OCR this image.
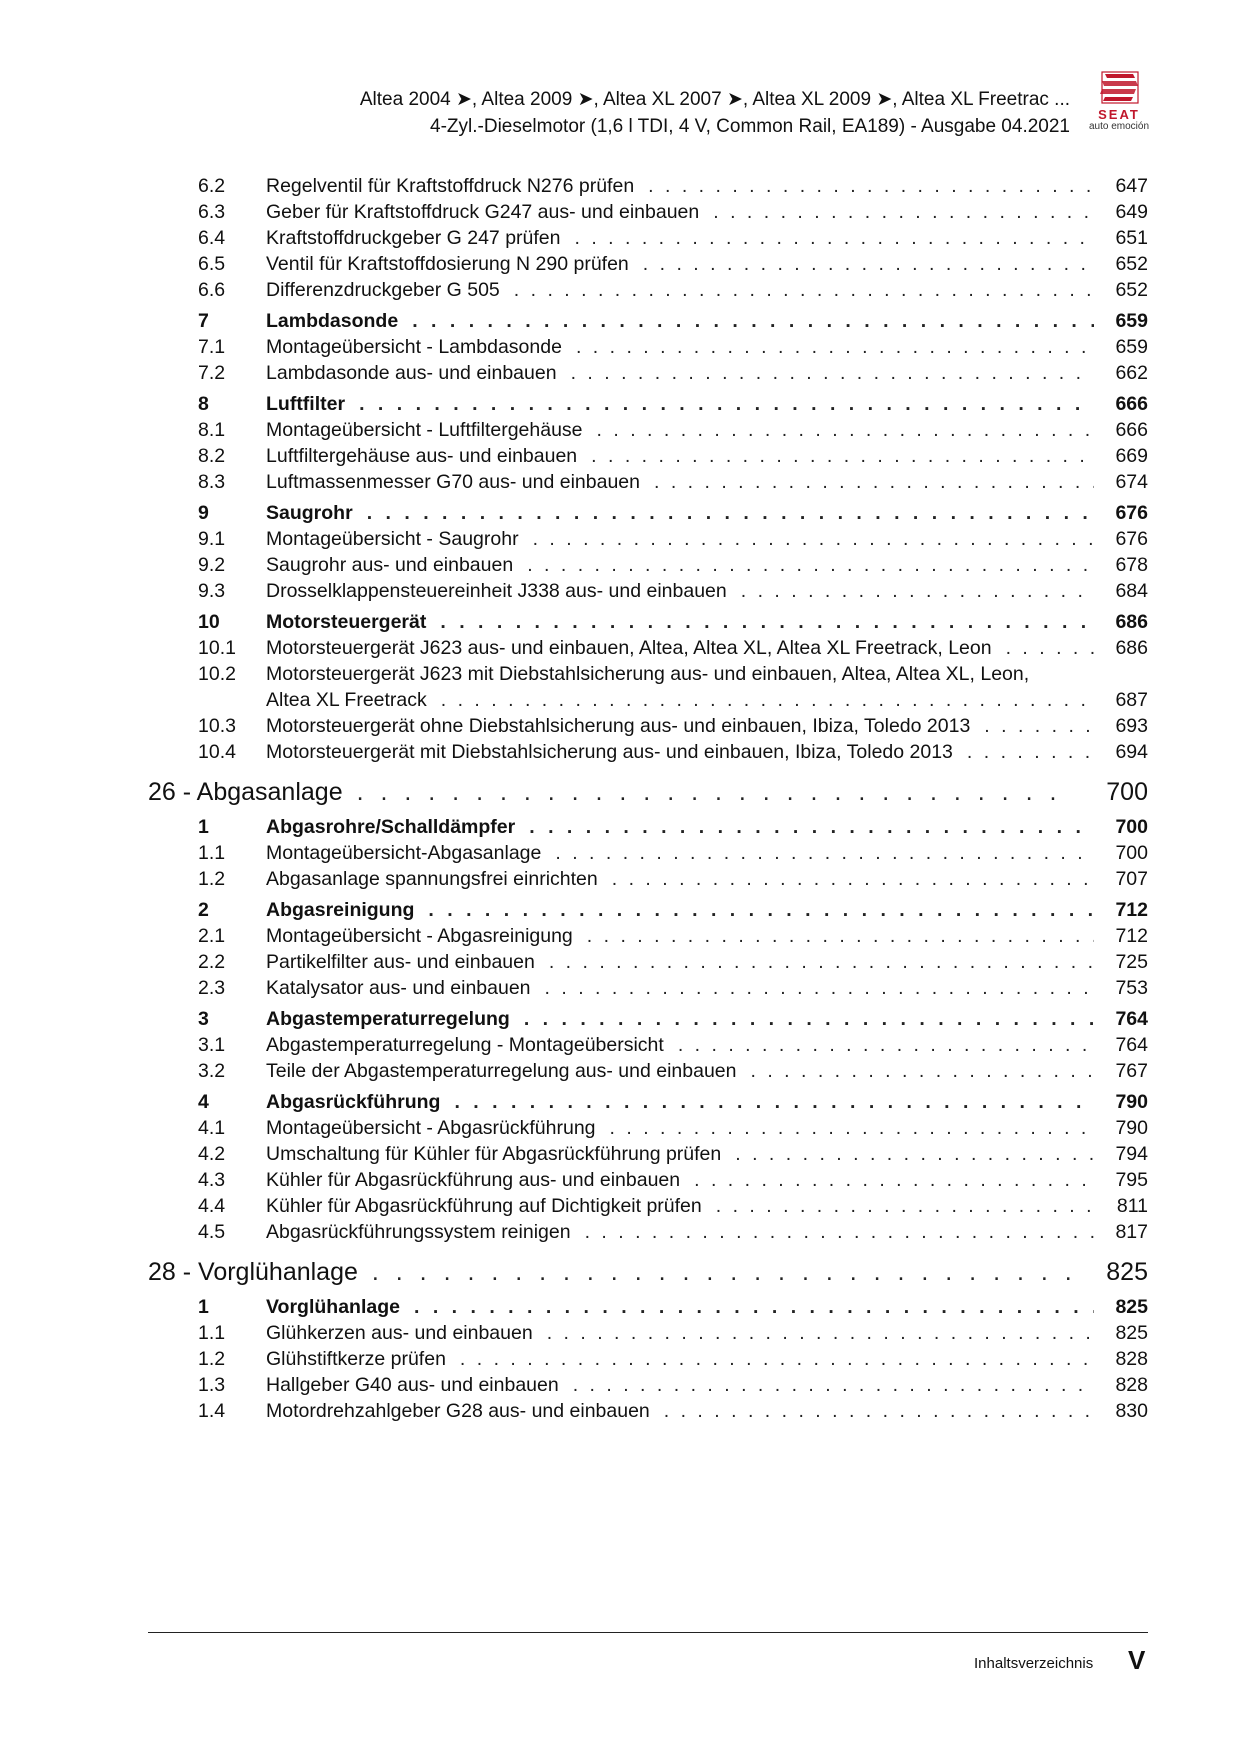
Altea 2004 ➤, Altea 2009 ➤, Altea XL 2007 ➤, Altea XL 2009 ➤, Altea XL Freetrac ...
4-Zyl.-Dieselmotor (1,6 l TDI, 4 V, Common Rail, EA189) - Ausgabe 04.2021
SEAT
auto emoción
6.2 Regelventil für Kraftstoffdruck N276 prüfen . . .	647
6.3 Geber für Kraftstoffdruck G247 aus- und einbauen . . .	649
6.4 Kraftstoffdruckgeber G 247 prüfen . . .	651
6.5 Ventil für Kraftstoffdosierung N 290 prüfen . . .	652
6.6 Differenzdruckgeber G 505 . . .	652
7	Lambdasonde . . .	659
7.1 Montageübersicht - Lambdasonde . . .	659
7.2 Lambdasonde aus- und einbauen . . .	662
8	Luftfilter . . .	666
8.1 Montageübersicht - Luftfiltergehäuse . . .	666
8.2 Luftfiltergehäuse aus- und einbauen . . .	669
8.3 Luftmassenmesser G70 aus- und einbauen . . .	674
9	Saugrohr . . .	676
9.1 Montageübersicht - Saugrohr . . .	676
9.2 Saugrohr aus- und einbauen . . .	678
9.3 Drosselklappensteuereinheit J338 aus- und einbauen . . .	684
10 Motorsteuergerät . . .	686
10.1 Motorsteuergerät J623 aus- und einbauen, Altea, Altea XL, Altea XL Freetrack, Leon . . .	686
10.2 Motorsteuergerät J623 mit Diebstahlsicherung aus- und einbauen, Altea, Altea XL, Leon,
Altea XL Freetrack . . .	687
10.3 Motorsteuergerät ohne Diebstahlsicherung aus- und einbauen, Ibiza, Toledo 2013 . . .	693
10.4 Motorsteuergerät mit Diebstahlsicherung aus- und einbauen, Ibiza, Toledo 2013 . . .	694
26 - Abgasanlage . . .	700
1	Abgasrohre/Schalldämpfer . . .	700
1.1 Montageübersicht-Abgasanlage . . .	700
1.2 Abgasanlage spannungsfrei einrichten . . .	707
2	Abgasreinigung . . .	712
2.1 Montageübersicht - Abgasreinigung . . .	712
2.2 Partikelfilter aus- und einbauen . . .	725
2.3 Katalysator aus- und einbauen . . .	753
3	Abgastemperaturregelung . . .	764
3.1 Abgastemperaturregelung - Montageübersicht . . .	764
3.2 Teile der Abgastemperaturregelung aus- und einbauen . . .	767
4	Abgasrückführung . . .	790
4.1 Montageübersicht - Abgasrückführung . . .	790
4.2 Umschaltung für Kühler für Abgasrückführung prüfen . . .	794
4.3 Kühler für Abgasrückführung aus- und einbauen . . .	795
4.4 Kühler für Abgasrückführung auf Dichtigkeit prüfen . . .	811
4.5 Abgasrückführungssystem reinigen . . .	817
28 - Vorglühanlage . . .	825
1	Vorglühanlage . . .	825
1.1 Glühkerzen aus- und einbauen . . .	825
1.2 Glühstiftkerze prüfen . . .	828
1.3 Hallgeber G40 aus- und einbauen . . .	828
1.4 Motordrehzahlgeber G28 aus- und einbauen . . .	830
Inhaltsverzeichnis V
